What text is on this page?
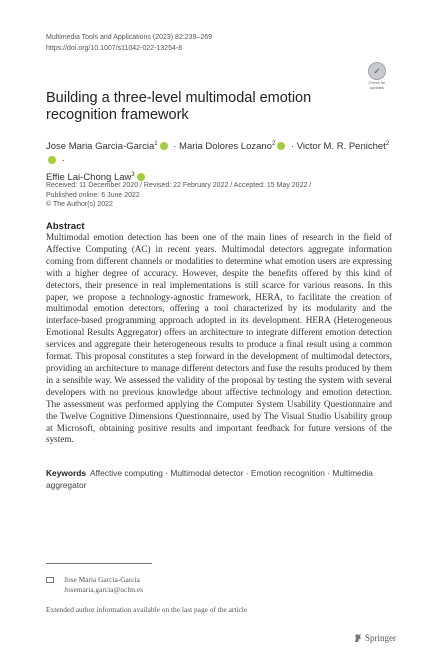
Multimedia Tools and Applications (2023) 82:239–269
https://doi.org/10.1007/s11042-022-13254-8
✓
Check for
updates
Building a three-level multimodal emotion recognition framework
Jose Maria Garcia-Garcia$^1$ · Maria Dolores Lozano$^2$ · Victor M. R. Penichet$^2$ ·
Effie Lai-Chong Law$^3$
Received: 11 December 2020 / Revised: 22 February 2022 / Accepted: 15 May 2022 /
Published online: 6 June 2022
© The Author(s) 2022
Abstract
Multimodal emotion detection has been one of the main lines of research in the field of Affective Computing (AC) in recent years. Multimodal detectors aggregate information coming from different channels or modalities to determine what emotion users are expressing with a higher degree of accuracy. However, despite the benefits offered by this kind of detectors, their presence in real implementations is still scarce for various reasons. In this paper, we propose a technology-agnostic framework, HERA, to facilitate the creation of multimodal emotion detectors, offering a tool characterized by its modularity and the interface-based programming approach adopted in its development. HERA (Heterogeneous Emotional Results Aggregator) offers an architecture to integrate different emotion detection services and aggregate their heterogeneous results to produce a final result using a common format. This proposal constitutes a step forward in the development of multimodal detectors, providing an architecture to manage different detectors and fuse the results produced by them in a sensible way. We assessed the validity of the proposal by testing the system with several developers with no previous knowledge about affective technology and emotion detection. The assessment was performed applying the Computer System Usability Questionnaire and the Twelve Cognitive Dimensions Questionnaire, used by The Visual Studio Usability group at Microsoft, obtaining positive results and important feedback for future versions of the system.
Keywords Affective computing · Multimodal detector · Emotion recognition · Multimedia aggregator
Jose Maria Garcia-Garcia
Josemaria.garcia@uclm.es
Extended author information available on the last page of the article
Springer
